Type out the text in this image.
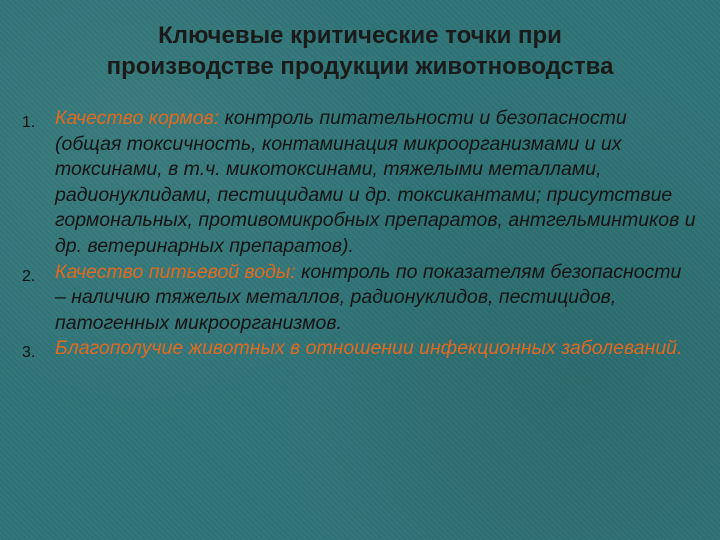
Ключевые критические точки при
производстве продукции животноводства
1. Качество кормов: контроль питательности и безопасности (общая токсичность, контаминация микроорганизмами и их токсинами, в т.ч. микотоксинами, тяжелыми металлами, радионуклидами, пестицидами и др. токсикантами; присутствие гормональных, противомикробных препаратов, антгельминтиков и др. ветеринарных препаратов).
2. Качество питьевой воды: контроль по показателям безопасности – наличию тяжелых металлов, радионуклидов, пестицидов, патогенных микроорганизмов.
3. Благополучие животных в отношении инфекционных заболеваний.
